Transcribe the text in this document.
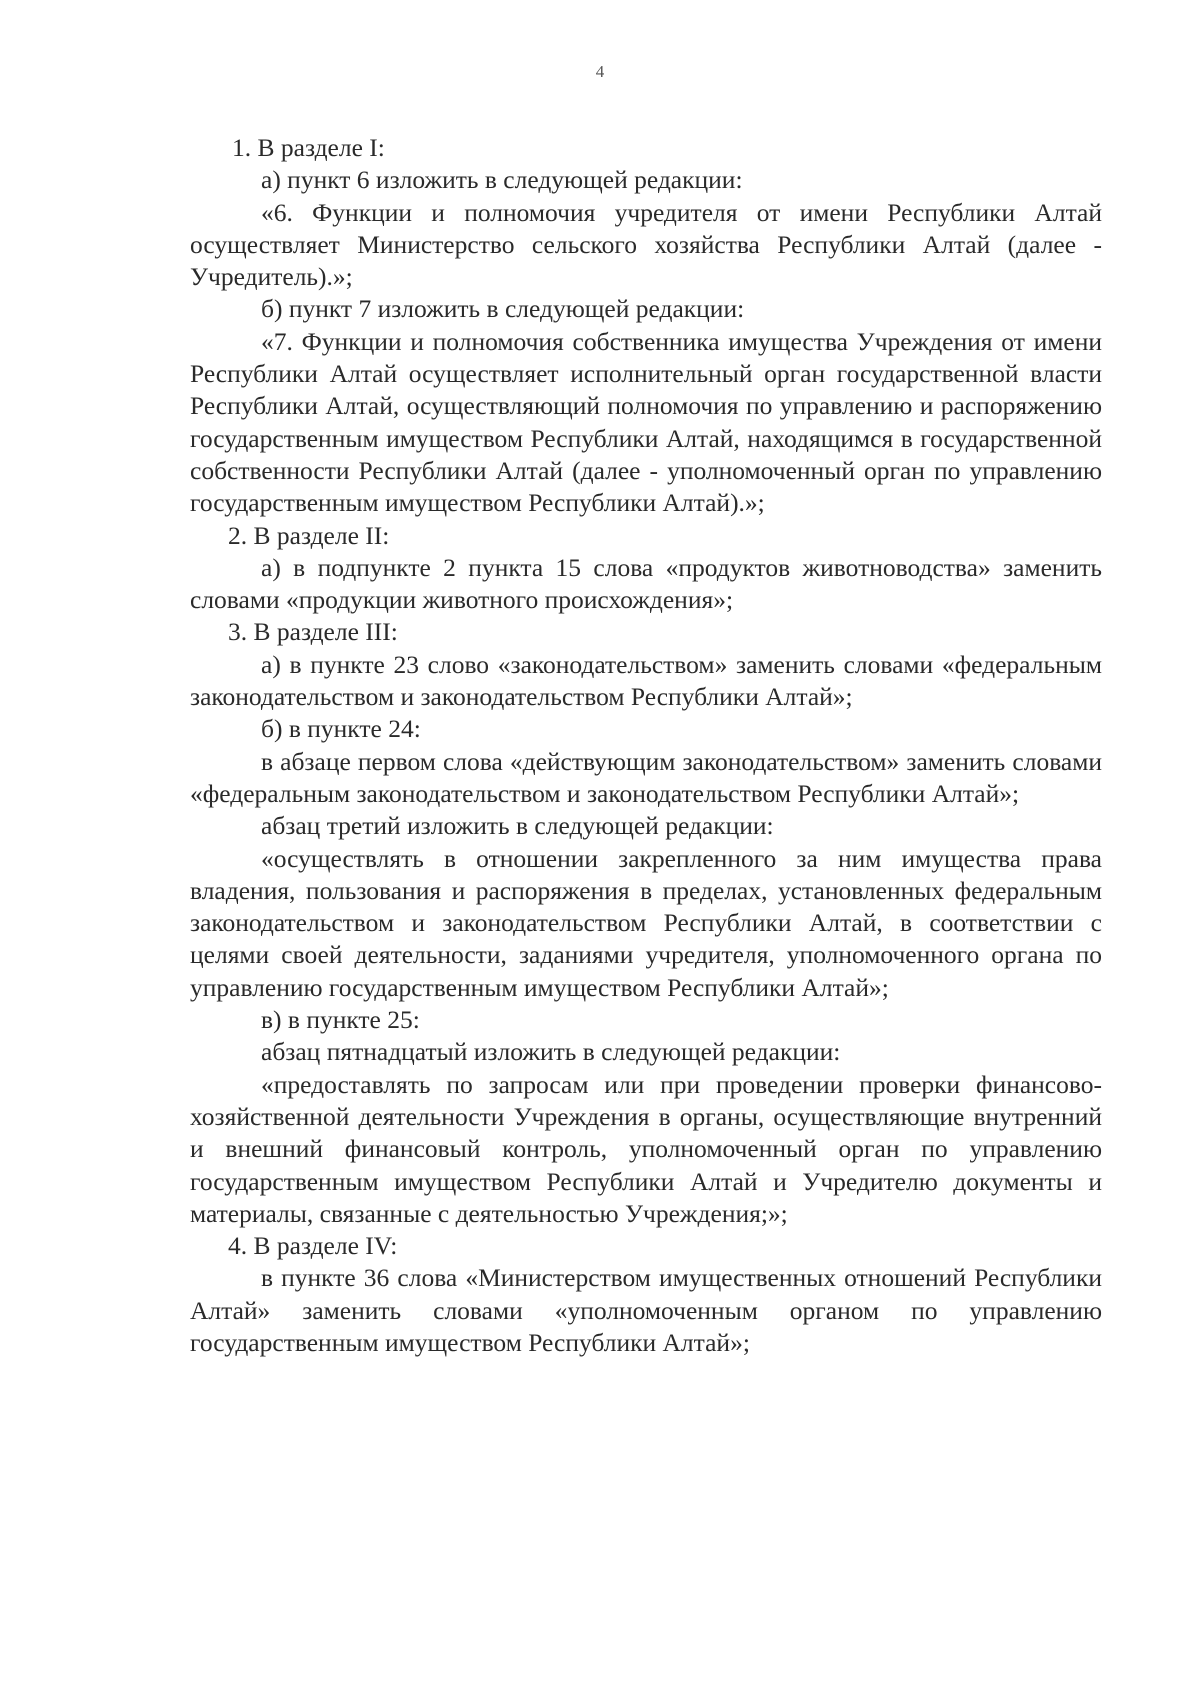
4

1. В разделе I:

а) пункт 6 изложить в следующей редакции:

«6. Функции и полномочия учредителя от имени Республики Алтай осуществляет Министерство сельского хозяйства Республики Алтай (далее - Учредитель).»;

б) пункт 7 изложить в следующей редакции:

«7. Функции и полномочия собственника имущества Учреждения от имени Республики Алтай осуществляет исполнительный орган государственной власти Республики Алтай, осуществляющий полномочия по управлению и распоряжению государственным имуществом Республики Алтай, находящимся в государственной собственности Республики Алтай (далее - уполномоченный орган по управлению государственным имуществом Республики Алтай).»;

2. В разделе II:

а) в подпункте 2 пункта 15 слова «продуктов животноводства» заменить словами «продукции животного происхождения»;

3. В разделе III:

а) в пункте 23 слово «законодательством» заменить словами «федеральным законодательством и законодательством Республики Алтай»;

б) в пункте 24:

в абзаце первом слова «действующим законодательством» заменить словами «федеральным законодательством и законодательством Республики Алтай»;

абзац третий изложить в следующей редакции:

«осуществлять в отношении закрепленного за ним имущества права владения, пользования и распоряжения в пределах, установленных федеральным законодательством и законодательством Республики Алтай, в соответствии с целями своей деятельности, заданиями учредителя, уполномоченного органа по управлению государственным имуществом Республики Алтай»;

в) в пункте 25:

абзац пятнадцатый изложить в следующей редакции:

«предоставлять по запросам или при проведении проверки финансово-хозяйственной деятельности Учреждения в органы, осуществляющие внутренний и внешний финансовый контроль, уполномоченный орган по управлению государственным имуществом Республики Алтай и Учредителю документы и материалы, связанные с деятельностью Учреждения;»;

4. В разделе IV:

в пункте 36 слова «Министерством имущественных отношений Республики Алтай» заменить словами «уполномоченным органом по управлению государственным имуществом Республики Алтай»;
